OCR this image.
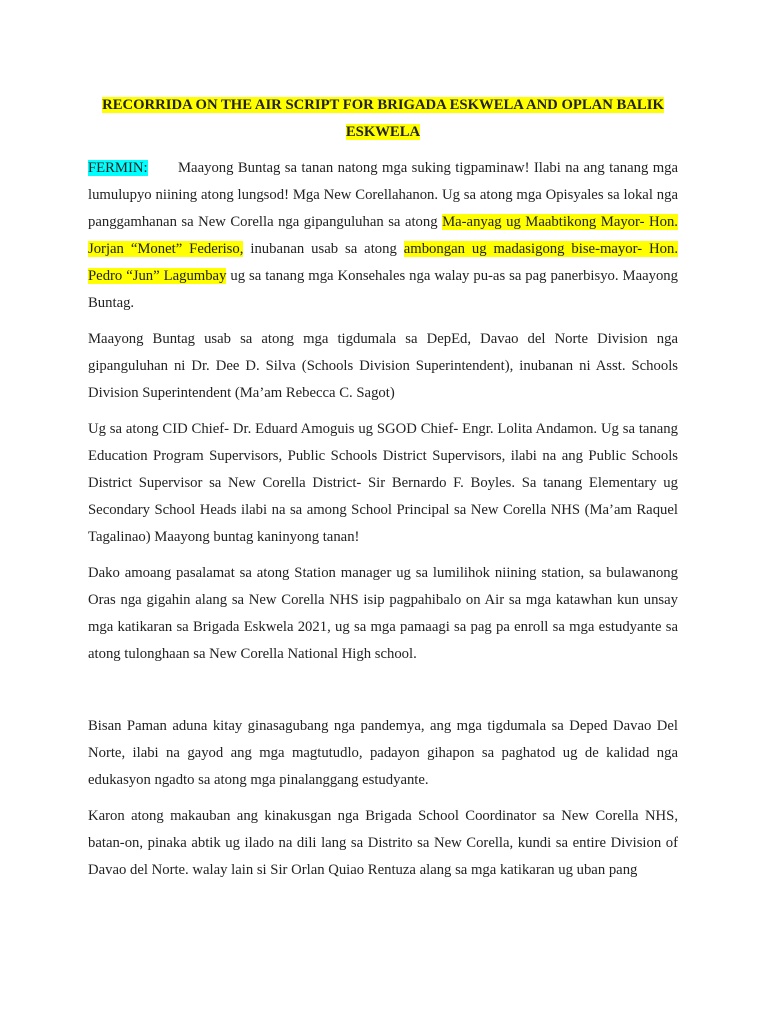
RECORRIDA ON THE AIR SCRIPT FOR BRIGADA ESKWELA AND OPLAN BALIK ESKWELA
FERMIN: Maayong Buntag sa tanan natong mga suking tigpaminaw! Ilabi na ang tanang mga lumulupyo niining atong lungsod! Mga New Corellahanon. Ug sa atong mga Opisyales sa lokal nga panggamhanan sa New Corella nga gipanguluhan sa atong Ma-anyag ug Maabtikong Mayor- Hon. Jorjan “Monet” Federiso, inubanan usab sa atong ambongan ug madasigong bise-mayor- Hon. Pedro “Jun” Lagumbay ug sa tanang mga Konsehales nga walay pu-as sa pag panerbisyo. Maayong Buntag.
Maayong Buntag usab sa atong mga tigdumala sa DepEd, Davao del Norte Division nga gipanguluhan ni Dr. Dee D. Silva (Schools Division Superintendent), inubanan ni Asst. Schools Division Superintendent (Ma’am Rebecca C. Sagot)
Ug sa atong CID Chief- Dr. Eduard Amoguis ug SGOD Chief- Engr. Lolita Andamon. Ug sa tanang Education Program Supervisors, Public Schools District Supervisors, ilabi na ang Public Schools District Supervisor sa New Corella District- Sir Bernardo F. Boyles. Sa tanang Elementary ug Secondary School Heads ilabi na sa among School Principal sa New Corella NHS (Ma’am Raquel Tagalinao) Maayong buntag kaninyong tanan!
Dako amoang pasalamat sa atong Station manager ug sa lumilihok niining station, sa bulawanong Oras nga gigahin alang sa New Corella NHS isip pagpahibalo on Air sa mga katawhan kun unsay mga katikaran sa Brigada Eskwela 2021, ug sa mga pamaagi sa pag pa enroll sa mga estudyante sa atong tulonghaan sa New Corella National High school.
Bisan Paman aduna kitay ginasagubang nga pandemya, ang mga tigdumala sa Deped Davao Del Norte, ilabi na gayod ang mga magtutudlo, padayon gihapon sa paghatod ug de kalidad nga edukasyon ngadto sa atong mga pinalanggang estudyante.
Karon atong makauban ang kinakusgan nga Brigada School Coordinator sa New Corella NHS, batan-on, pinaka abtik ug ilado na dili lang sa Distrito sa New Corella, kundi sa entire Division of Davao del Norte. walay lain si Sir Orlan Quiao Rentuza alang sa mga katikaran ug uban pang
